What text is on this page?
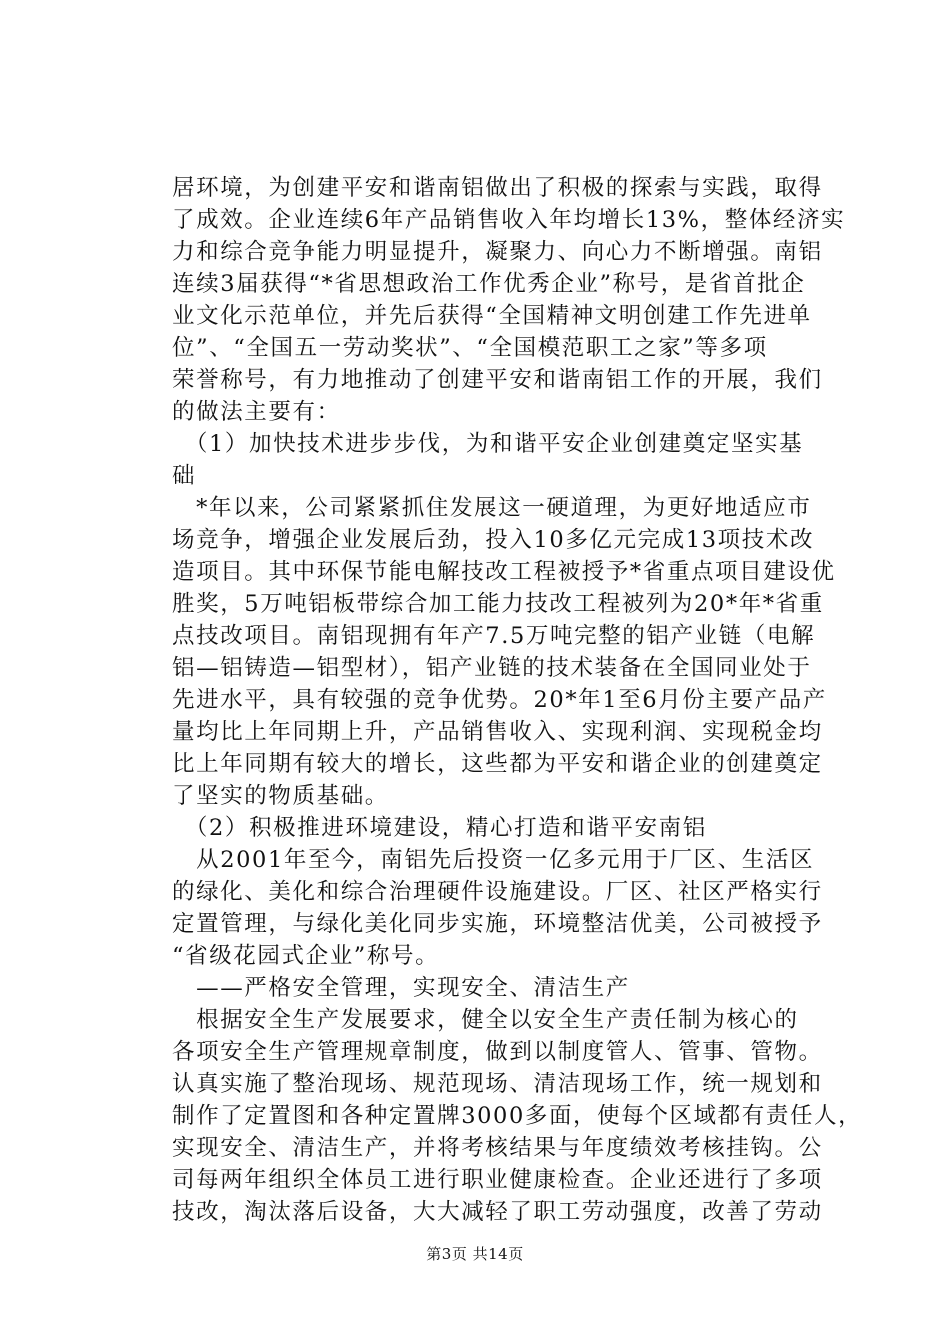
居环境，为创建平安和谐南铝做出了积极的探索与实践，取得
了成效。企业连续6年产品销售收入年均增长13%，整体经济实
力和综合竞争能力明显提升，凝聚力、向心力不断增强。南铝
连续3届获得“*省思想政治工作优秀企业”称号，是省首批企
业文化示范单位，并先后获得“全国精神文明创建工作先进单
位”、“全国五一劳动奖状”、“全国模范职工之家”等多项
荣誉称号，有力地推动了创建平安和谐南铝工作的开展，我们
的做法主要有：
　（1）加快技术进步步伐，为和谐平安企业创建奠定坚实基
础
　*年以来，公司紧紧抓住发展这一硬道理，为更好地适应市
场竞争，增强企业发展后劲，投入10多亿元完成13项技术改
造项目。其中环保节能电解技改工程被授予*省重点项目建设优
胜奖，5万吨铝板带综合加工能力技改工程被列为20*年*省重
点技改项目。南铝现拥有年产7.5万吨完整的铝产业链（电解
铝—铝铸造—铝型材），铝产业链的技术装备在全国同业处于
先进水平，具有较强的竞争优势。20*年1至6月份主要产品产
量均比上年同期上升，产品销售收入、实现利润、实现税金均
比上年同期有较大的增长，这些都为平安和谐企业的创建奠定
了坚实的物质基础。
　（2）积极推进环境建设，精心打造和谐平安南铝
　从2001年至今，南铝先后投资一亿多元用于厂区、生活区
的绿化、美化和综合治理硬件设施建设。厂区、社区严格实行
定置管理，与绿化美化同步实施，环境整洁优美，公司被授予
“省级花园式企业”称号。
　——严格安全管理，实现安全、清洁生产
　根据安全生产发展要求，健全以安全生产责任制为核心的
各项安全生产管理规章制度，做到以制度管人、管事、管物。
认真实施了整治现场、规范现场、清洁现场工作，统一规划和
制作了定置图和各种定置牌3000多面，使每个区域都有责任人，
实现安全、清洁生产，并将考核结果与年度绩效考核挂钩。公
司每两年组织全体员工进行职业健康检查。企业还进行了多项
技改，淘汰落后设备，大大减轻了职工劳动强度，改善了劳动
第3页 共14页
